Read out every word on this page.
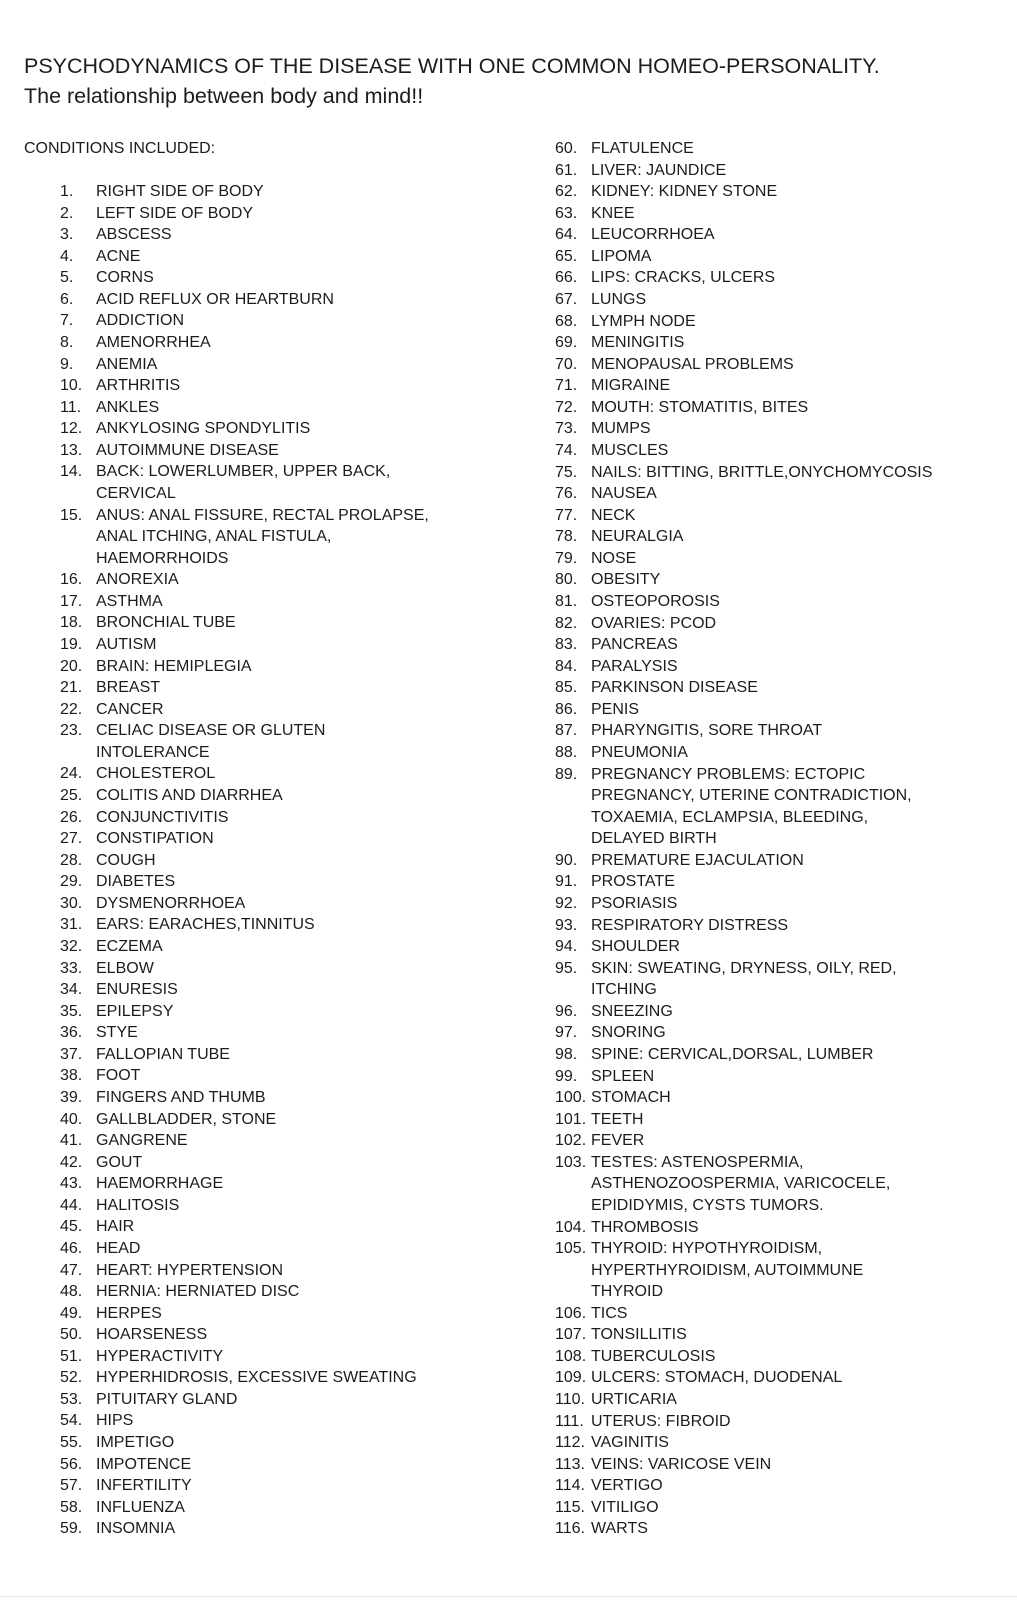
PSYCHODYNAMICS OF THE DISEASE WITH ONE COMMON HOMEO-PERSONALITY.
The relationship between body and mind!!
CONDITIONS INCLUDED:
1. RIGHT SIDE OF BODY
2. LEFT SIDE OF BODY
3. ABSCESS
4. ACNE
5. CORNS
6. ACID REFLUX OR HEARTBURN
7. ADDICTION
8. AMENORRHEA
9. ANEMIA
10. ARTHRITIS
11. ANKLES
12. ANKYLOSING SPONDYLITIS
13. AUTOIMMUNE DISEASE
14. BACK: LOWERLUMBER, UPPER BACK,
CERVICAL
15. ANUS: ANAL FISSURE, RECTAL PROLAPSE,
ANAL ITCHING, ANAL FISTULA,
HAEMORRHOIDS
16. ANOREXIA
17. ASTHMA
18. BRONCHIAL TUBE
19. AUTISM
20. BRAIN: HEMIPLEGIA
21. BREAST
22. CANCER
23. CELIAC DISEASE OR GLUTEN
INTOLERANCE
24. CHOLESTEROL
25. COLITIS AND DIARRHEA
26. CONJUNCTIVITIS
27. CONSTIPATION
28. COUGH
29. DIABETES
30. DYSMENORRHOEA
31. EARS: EARACHES,TINNITUS
32. ECZEMA
33. ELBOW
34. ENURESIS
35. EPILEPSY
36. STYE
37. FALLOPIAN TUBE
38. FOOT
39. FINGERS AND THUMB
40. GALLBLADDER, STONE
41. GANGRENE
42. GOUT
43. HAEMORRHAGE
44. HALITOSIS
45. HAIR
46. HEAD
47. HEART: HYPERTENSION
48. HERNIA: HERNIATED DISC
49. HERPES
50. HOARSENESS
51. HYPERACTIVITY
52. HYPERHIDROSIS, EXCESSIVE SWEATING
53. PITUITARY GLAND
54. HIPS
55. IMPETIGO
56. IMPOTENCE
57. INFERTILITY
58. INFLUENZA
59. INSOMNIA
60. FLATULENCE
61. LIVER: JAUNDICE
62. KIDNEY: KIDNEY STONE
63. KNEE
64. LEUCORRHOEA
65. LIPOMA
66. LIPS: CRACKS, ULCERS
67. LUNGS
68. LYMPH NODE
69. MENINGITIS
70. MENOPAUSAL PROBLEMS
71. MIGRAINE
72. MOUTH: STOMATITIS, BITES
73. MUMPS
74. MUSCLES
75. NAILS: BITTING, BRITTLE,ONYCHOMYCOSIS
76. NAUSEA
77. NECK
78. NEURALGIA
79. NOSE
80. OBESITY
81. OSTEOPOROSIS
82. OVARIES: PCOD
83. PANCREAS
84. PARALYSIS
85. PARKINSON DISEASE
86. PENIS
87. PHARYNGITIS, SORE THROAT
88. PNEUMONIA
89. PREGNANCY PROBLEMS: ECTOPIC
PREGNANCY, UTERINE CONTRADICTION,
TOXAEMIA, ECLAMPSIA, BLEEDING,
DELAYED BIRTH
90. PREMATURE EJACULATION
91. PROSTATE
92. PSORIASIS
93. RESPIRATORY DISTRESS
94. SHOULDER
95. SKIN: SWEATING, DRYNESS, OILY, RED,
ITCHING
96. SNEEZING
97. SNORING
98. SPINE: CERVICAL,DORSAL, LUMBER
99. SPLEEN
100. STOMACH
101. TEETH
102. FEVER
103. TESTES: ASTENOSPERMIA,
ASTHENOZOOSPERMIA, VARICOCELE,
EPIDIDYMIS, CYSTS TUMORS.
104. THROMBOSIS
105. THYROID: HYPOTHYROIDISM,
HYPERTHYROIDISM, AUTOIMMUNE
THYROID
106. TICS
107. TONSILLITIS
108. TUBERCULOSIS
109. ULCERS: STOMACH, DUODENAL
110. URTICARIA
111. UTERUS: FIBROID
112. VAGINITIS
113. VEINS: VARICOSE VEIN
114. VERTIGO
115. VITILIGO
116. WARTS
